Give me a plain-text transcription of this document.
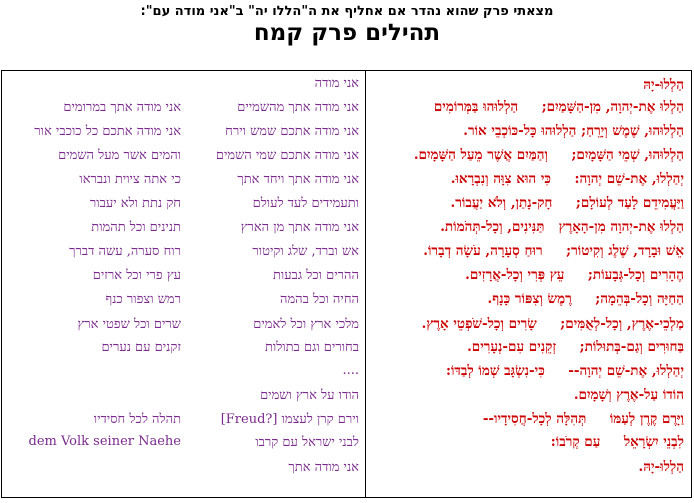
מצאתי פרק שהוא נהדר אם אחליף את ה"הללו יה" ב"אני מודה עם":
תהילים פרק קמח
הַלְלוּ-יָהּ
הַלְלוּ אֶת-יְהוָה, מִן-הַשָּׁמַיִם;     הַלְלוּהוּ בַּמְּרוֹמִים
הַלְלוּהוּ, שֶׁמֶשׁ וְיָרֵחַ; הַלְלוּהוּ כָּל-כּוֹכְבֵי אוֹר.
הַלְלוּהוּ, שְׁמֵי הַשָּׁמָיִם;     וְהַמַּיִם אֲשֶׁר מֵעַל הַשָּׁמָיִם.
יְהַלְלוּ, אֶת-שֵׁם יְהוָה:     כִּי הוּא צִוָּה וְנִבְרָאוּ.
וַיַּעֲמִידֵם לָעַד לְעוֹלָם;     חָק-נָתַן, וְלֹא יַעֲבוֹר.
הַלְלוּ אֶת-יְהוָה מִן-הָאָרֶץ   תַּנִּינִים, וְכָל-תְּהֹמוֹת.
אֵשׁ וּבָרָד, שֶׁלֶג וְקִיטוֹר;     רוּחַ סְעָרָה, עֹשָׂה דְבָרוֹ.
הֶהָרִים וְכָל-גְּבָעוֹת;     עֵץ פְּרִי וְכָל-אֲרָזִים.
הַחַיָּה וְכָל-בְּהֵמָה;     רֶמֶשׂ וְצִפּוֹר כָּנָף.
מַלְכֵי-אֶרֶץ, וְכָל-לְאֻמִּים;     שָׂרִים וְכָל-שֹׁפְטֵי אָרֶץ.
בַּחוּרִים וְגַם-בְּתוּלוֹת;     זְקֵנִים עִם-נְעָרִים.
יְהַלְלוּ, אֶת-שֵׁם יְהוָה--     כִּי-נִשְׂגָּב שְׁמוֹ לְבַדּוֹ:
הוֹדוֹ עַל-אֶרֶץ וְשָׁמָיִם.
וַיָּרֶם קֶרֶן לְעַמּוֹ     תְּהִלָּה לְכָל-חֲסִידָיו--
לִבְנֵי יִשְׂרָאֵל     עַם קְרֹבוֹ:
הַלְלוּ-יָהּ.
אני מודה
אני מודה אתך מהשמיים
אני מודה אתך במרומים
אני מודה אתכם שמש וירח
אני מודה אתכם כל כוכבי אור
אני מודה אתכם שמי השמים
והמים אשר מעל השמים
אני מודה אתך ויחד אתך
כי אתה ציוית ונבראו
ותעמידים לעד לעולם
חק נתת ולא יעבור
אני מודה אתך מן הארץ
תנינים וכל תהמות
אש וברד, שלג וקיטור
רוח סערה, עשה דברך
ההרים וכל גבעות
עץ פרי וכל ארזים
החיה וכל בהמה
רמש וצפור כנף
מלכי ארץ וכל לאמים
שרים וכל שפטי ארץ
בחורים וגם בתולות
זקנים עם נערים
....
הודו על ארץ ושמים
וירם קרן לעצמו [?Freud]
תהלה לכל חסידיו
לבני ישראל עם קרבו
dem Volk seiner Naehe
אני מודה אתך
